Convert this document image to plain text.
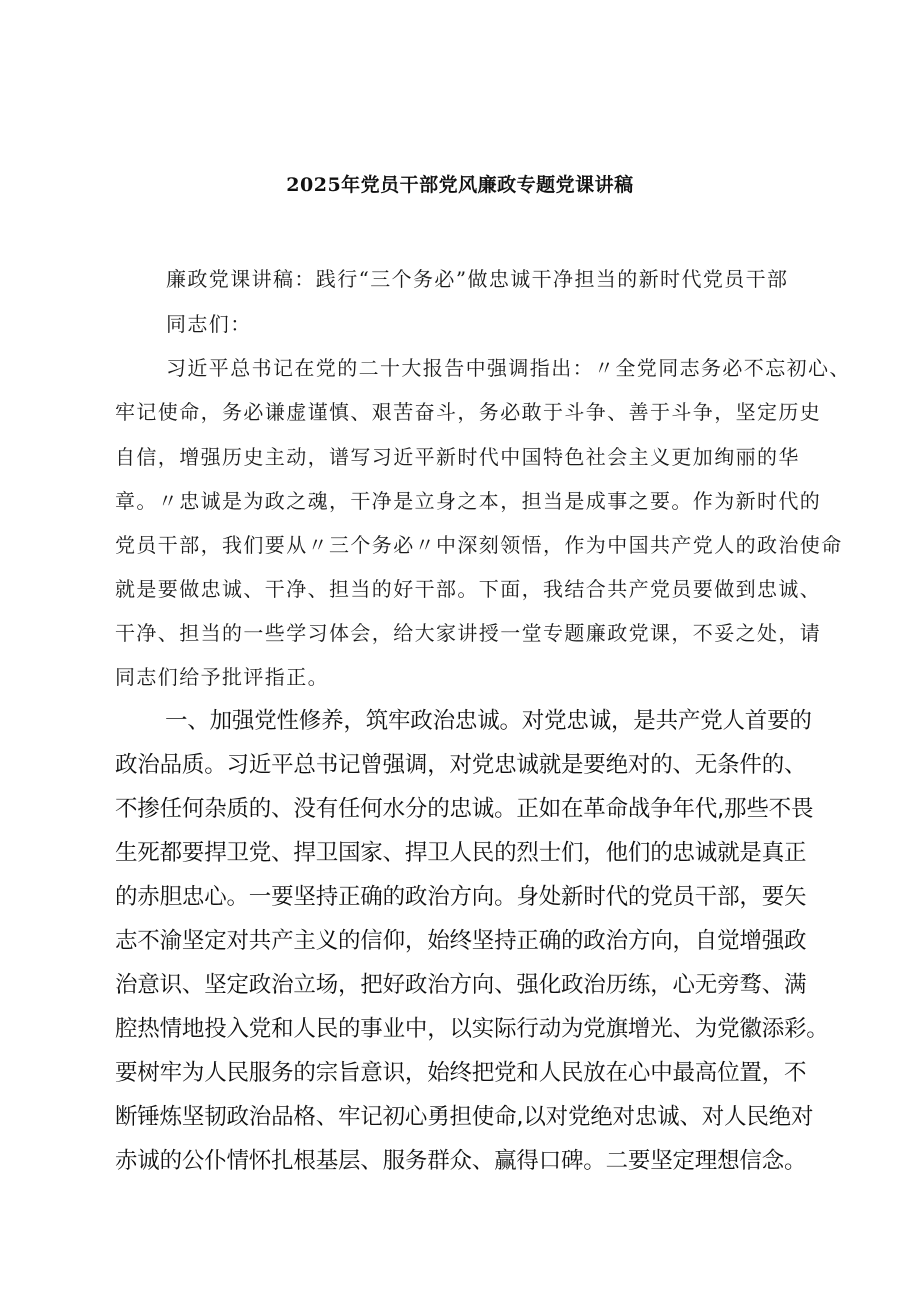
2025年党员干部党风廉政专题党课讲稿
廉政党课讲稿：践行“三个务必”做忠诚干净担当的新时代党员干部
同志们：
习近平总书记在党的二十大报告中强调指出：〃全党同志务必不忘初心、
牢记使命，务必谦虚谨慎、艰苦奋斗，务必敢于斗争、善于斗争，坚定历史
自信，增强历史主动，谱写习近平新时代中国特色社会主义更加绚丽的华
章。〃忠诚是为政之魂，干净是立身之本，担当是成事之要。作为新时代的
党员干部，我们要从〃三个务必〃中深刻领悟，作为中国共产党人的政治使命
就是要做忠诚、干净、担当的好干部。下面，我结合共产党员要做到忠诚、
干净、担当的一些学习体会，给大家讲授一堂专题廉政党课，不妥之处，请
同志们给予批评指正。
一、加强党性修养，筑牢政治忠诚。对党忠诚，是共产党人首要的
政治品质。习近平总书记曾强调，对党忠诚就是要绝对的、无条件的、
不掺任何杂质的、没有任何水分的忠诚。正如在革命战争年代,那些不畏
生死都要捍卫党、捍卫国家、捍卫人民的烈士们，他们的忠诚就是真正
的赤胆忠心。一要坚持正确的政治方向。身处新时代的党员干部，要矢
志不渝坚定对共产主义的信仰，始终坚持正确的政治方向，自觉增强政
治意识、坚定政治立场，把好政治方向、强化政治历练，心无旁骛、满
腔热情地投入党和人民的事业中，以实际行动为党旗增光、为党徽添彩。
要树牢为人民服务的宗旨意识，始终把党和人民放在心中最高位置，不
断锤炼坚韧政治品格、牢记初心勇担使命,以对党绝对忠诚、对人民绝对
赤诚的公仆情怀扎根基层、服务群众、赢得口碑。二要坚定理想信念。
